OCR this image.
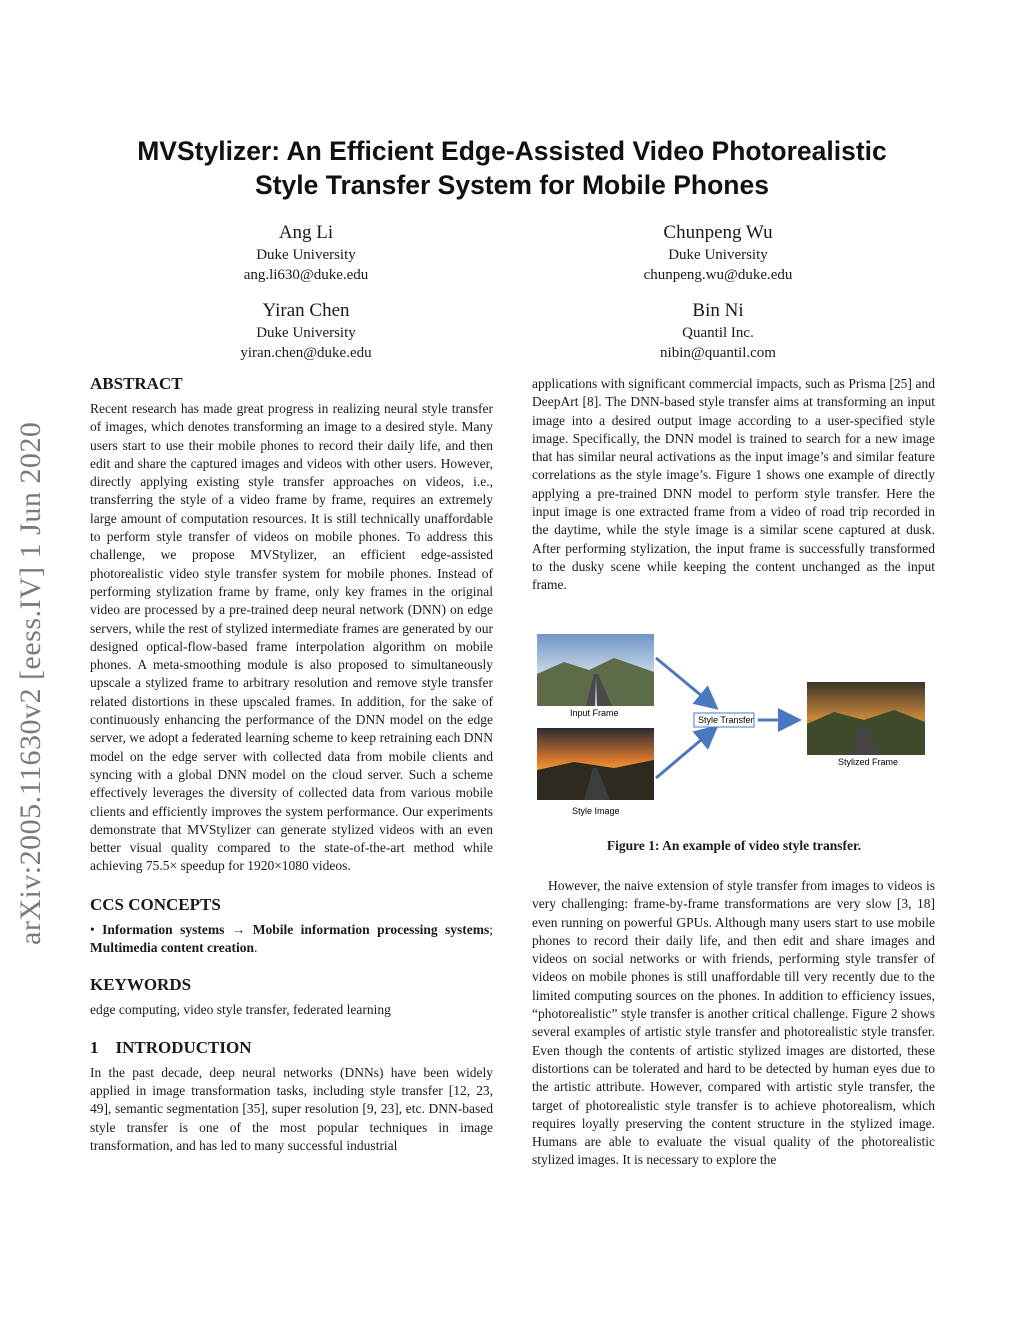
arXiv:2005.11630v2 [eess.IV] 1 Jun 2020
MVStylizer: An Efficient Edge-Assisted Video Photorealistic
Style Transfer System for Mobile Phones
Ang Li
Duke University
ang.li630@duke.edu
Chunpeng Wu
Duke University
chunpeng.wu@duke.edu
Yiran Chen
Duke University
yiran.chen@duke.edu
Bin Ni
Quantil Inc.
nibin@quantil.com
ABSTRACT
Recent research has made great progress in realizing neural style transfer of images, which denotes transforming an image to a desired style. Many users start to use their mobile phones to record their daily life, and then edit and share the captured images and videos with other users. However, directly applying existing style transfer approaches on videos, i.e., transferring the style of a video frame by frame, requires an extremely large amount of computation resources. It is still technically unaffordable to perform style transfer of videos on mobile phones. To address this challenge, we propose MVStylizer, an efficient edge-assisted photorealistic video style transfer system for mobile phones. Instead of performing stylization frame by frame, only key frames in the original video are processed by a pre-trained deep neural network (DNN) on edge servers, while the rest of stylized intermediate frames are generated by our designed optical-flow-based frame interpolation algorithm on mobile phones. A meta-smoothing module is also proposed to simultaneously upscale a stylized frame to arbitrary resolution and remove style transfer related distortions in these upscaled frames. In addition, for the sake of continuously enhancing the performance of the DNN model on the edge server, we adopt a federated learning scheme to keep retraining each DNN model on the edge server with collected data from mobile clients and syncing with a global DNN model on the cloud server. Such a scheme effectively leverages the diversity of collected data from various mobile clients and efficiently improves the system performance. Our experiments demonstrate that MVStylizer can generate stylized videos with an even better visual quality compared to the state-of-the-art method while achieving 75.5× speedup for 1920×1080 videos.
CCS CONCEPTS
• Information systems → Mobile information processing systems; Multimedia content creation.
KEYWORDS
edge computing, video style transfer, federated learning
1    INTRODUCTION
In the past decade, deep neural networks (DNNs) have been widely applied in image transformation tasks, including style transfer [12, 23, 49], semantic segmentation [35], super resolution [9, 23], etc. DNN-based style transfer is one of the most popular techniques in image transformation, and has led to many successful industrial
applications with significant commercial impacts, such as Prisma [25] and DeepArt [8]. The DNN-based style transfer aims at transforming an input image into a desired output image according to a user-specified style image. Specifically, the DNN model is trained to search for a new image that has similar neural activations as the input image’s and similar feature correlations as the style image’s. Figure 1 shows one example of directly applying a pre-trained DNN model to perform style transfer. Here the input image is one extracted frame from a video of road trip recorded in the daytime, while the style image is a similar scene captured at dusk. After performing stylization, the input frame is successfully transformed to the dusky scene while keeping the content unchanged as the input frame.
Input Frame
Style Image
Style Transfer
Stylized Frame
Figure 1: An example of video style transfer.
However, the naive extension of style transfer from images to videos is very challenging: frame-by-frame transformations are very slow [3, 18] even running on powerful GPUs. Although many users start to use mobile phones to record their daily life, and then edit and share images and videos on social networks or with friends, performing style transfer of videos on mobile phones is still unaffordable till very recently due to the limited computing sources on the phones. In addition to efficiency issues, “photorealistic” style transfer is another critical challenge. Figure 2 shows several examples of artistic style transfer and photorealistic style transfer. Even though the contents of artistic stylized images are distorted, these distortions can be tolerated and hard to be detected by human eyes due to the artistic attribute. However, compared with artistic style transfer, the target of photorealistic style transfer is to achieve photorealism, which requires loyally preserving the content structure in the stylized image. Humans are able to evaluate the visual quality of the photorealistic stylized images. It is necessary to explore the
